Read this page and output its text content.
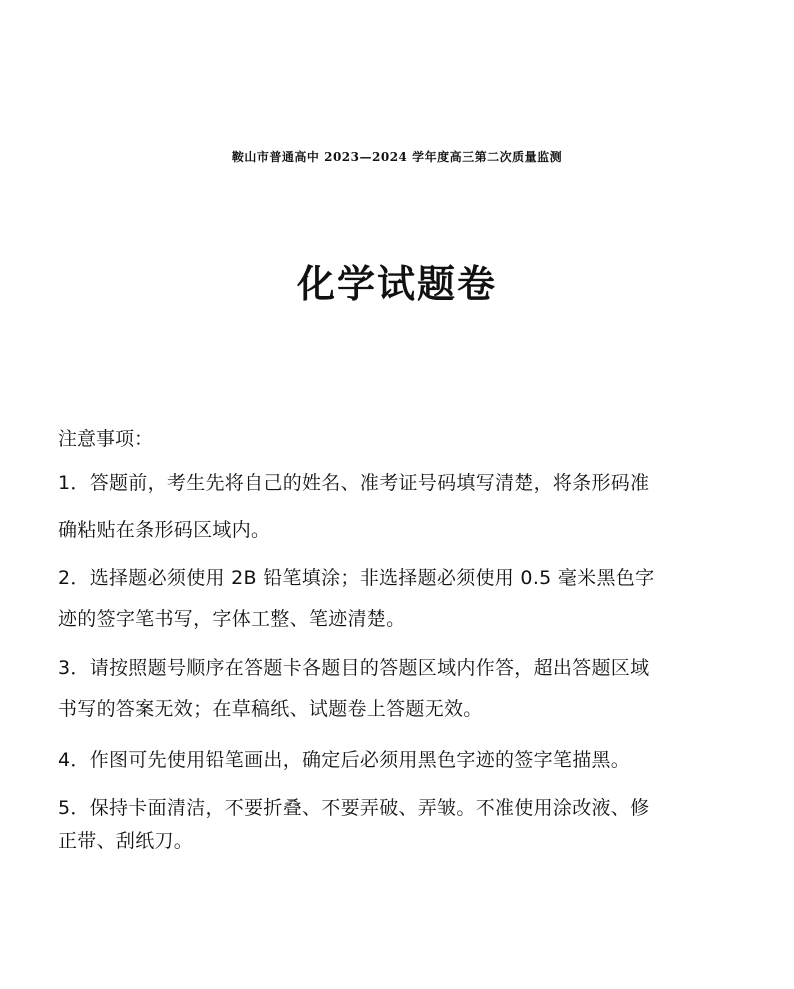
鞍山市普通高中 2023—2024 学年度高三第二次质量监测
化学试题卷
注意事项：
1．答题前，考生先将自己的姓名、准考证号码填写清楚，将条形码准
确粘贴在条形码区域内。
2．选择题必须使用 2B 铅笔填涂；非选择题必须使用 0.5 毫米黑色字
迹的签字笔书写，字体工整、笔迹清楚。
3．请按照题号顺序在答题卡各题目的答题区域内作答，超出答题区域
书写的答案无效；在草稿纸、试题卷上答题无效。
4．作图可先使用铅笔画出，确定后必须用黑色字迹的签字笔描黑。
5．保持卡面清洁，不要折叠、不要弄破、弄皱。不准使用涂改液、修
正带、刮纸刀。
